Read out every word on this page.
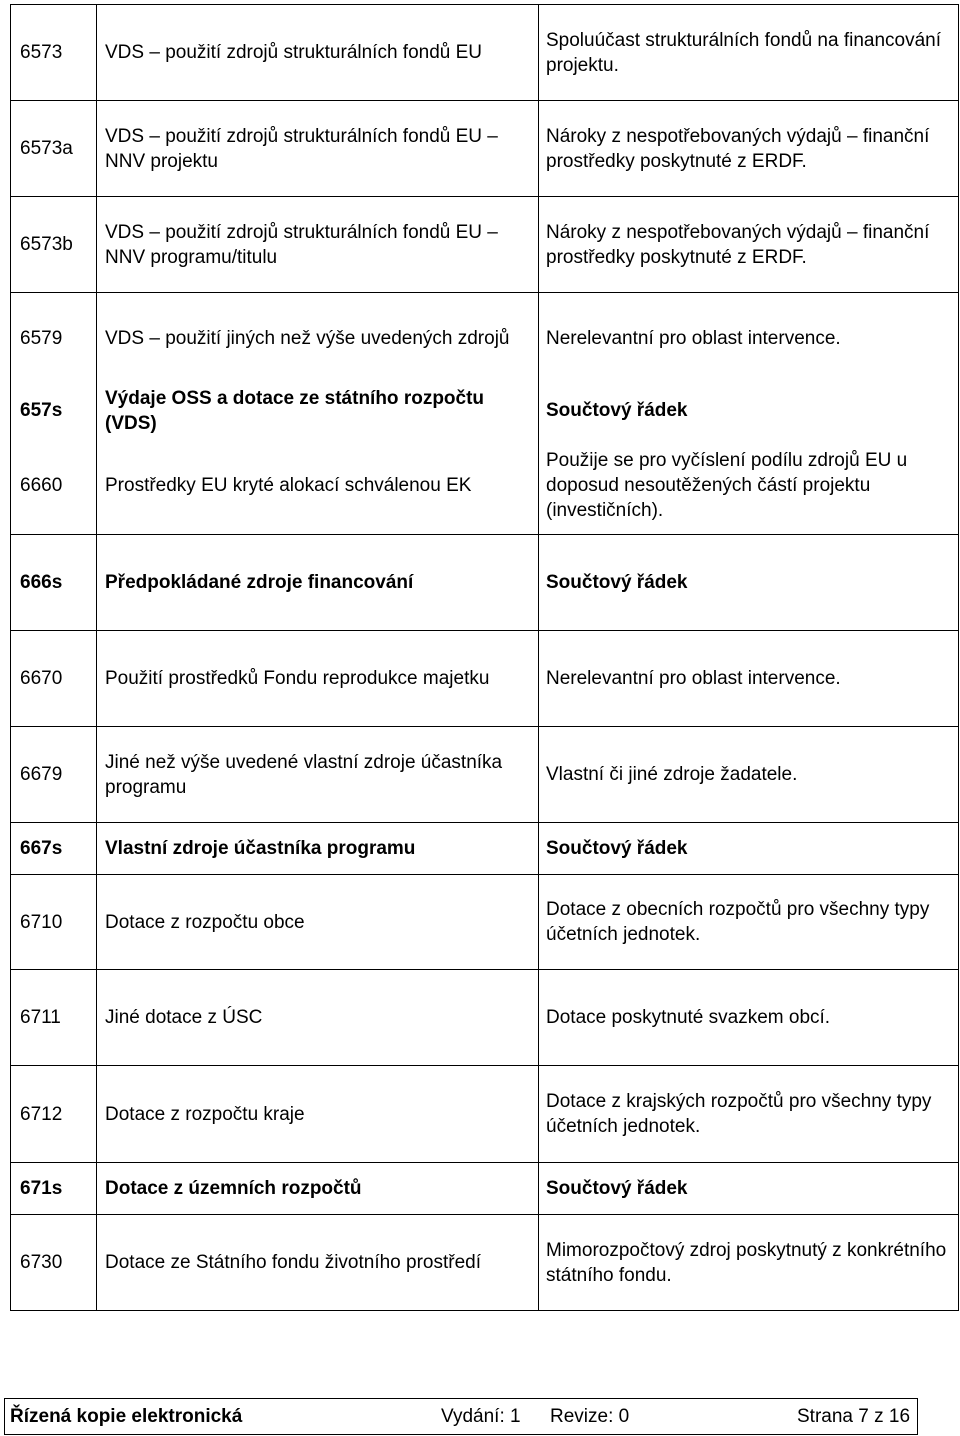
6573	VDS – použití zdrojů strukturálních fondů EU	Spoluúčast strukturálních fondů na financování projektu.
6573a	VDS – použití zdrojů strukturálních fondů EU – NNV projektu	Nároky z nespotřebovaných výdajů – finanční prostředky poskytnuté z ERDF.
6573b	VDS – použití zdrojů strukturálních fondů EU – NNV programu/titulu	Nároky z nespotřebovaných výdajů – finanční prostředky poskytnuté z ERDF.
6579	VDS – použití jiných než výše uvedených zdrojů	Nerelevantní pro oblast intervence.
657s	Výdaje OSS a dotace ze státního rozpočtu (VDS)	Součtový řádek
6660	Prostředky EU kryté alokací schválenou EK	Použije se pro vyčíslení podílu zdrojů EU u doposud nesoutěžených částí projektu (investičních).
666s	Předpokládané zdroje financování	Součtový řádek
6670	Použití prostředků Fondu reprodukce majetku	Nerelevantní pro oblast intervence.
6679	Jiné než výše uvedené vlastní zdroje účastníka programu	Vlastní či jiné zdroje žadatele.
667s	Vlastní zdroje účastníka programu	Součtový řádek
6710	Dotace z rozpočtu obce	Dotace z obecních rozpočtů pro všechny typy účetních jednotek.
6711	Jiné dotace z ÚSC	Dotace poskytnuté svazkem obcí.
6712	Dotace z rozpočtu kraje	Dotace z krajských rozpočtů pro všechny typy účetních jednotek.
671s	Dotace z územních rozpočtů	Součtový řádek
6730	Dotace ze Státního fondu životního prostředí	Mimorozpočtový zdroj poskytnutý z konkrétního státního fondu.
Řízená kopie elektronická	Vydání: 1 Revize: 0	Strana 7 z 16
